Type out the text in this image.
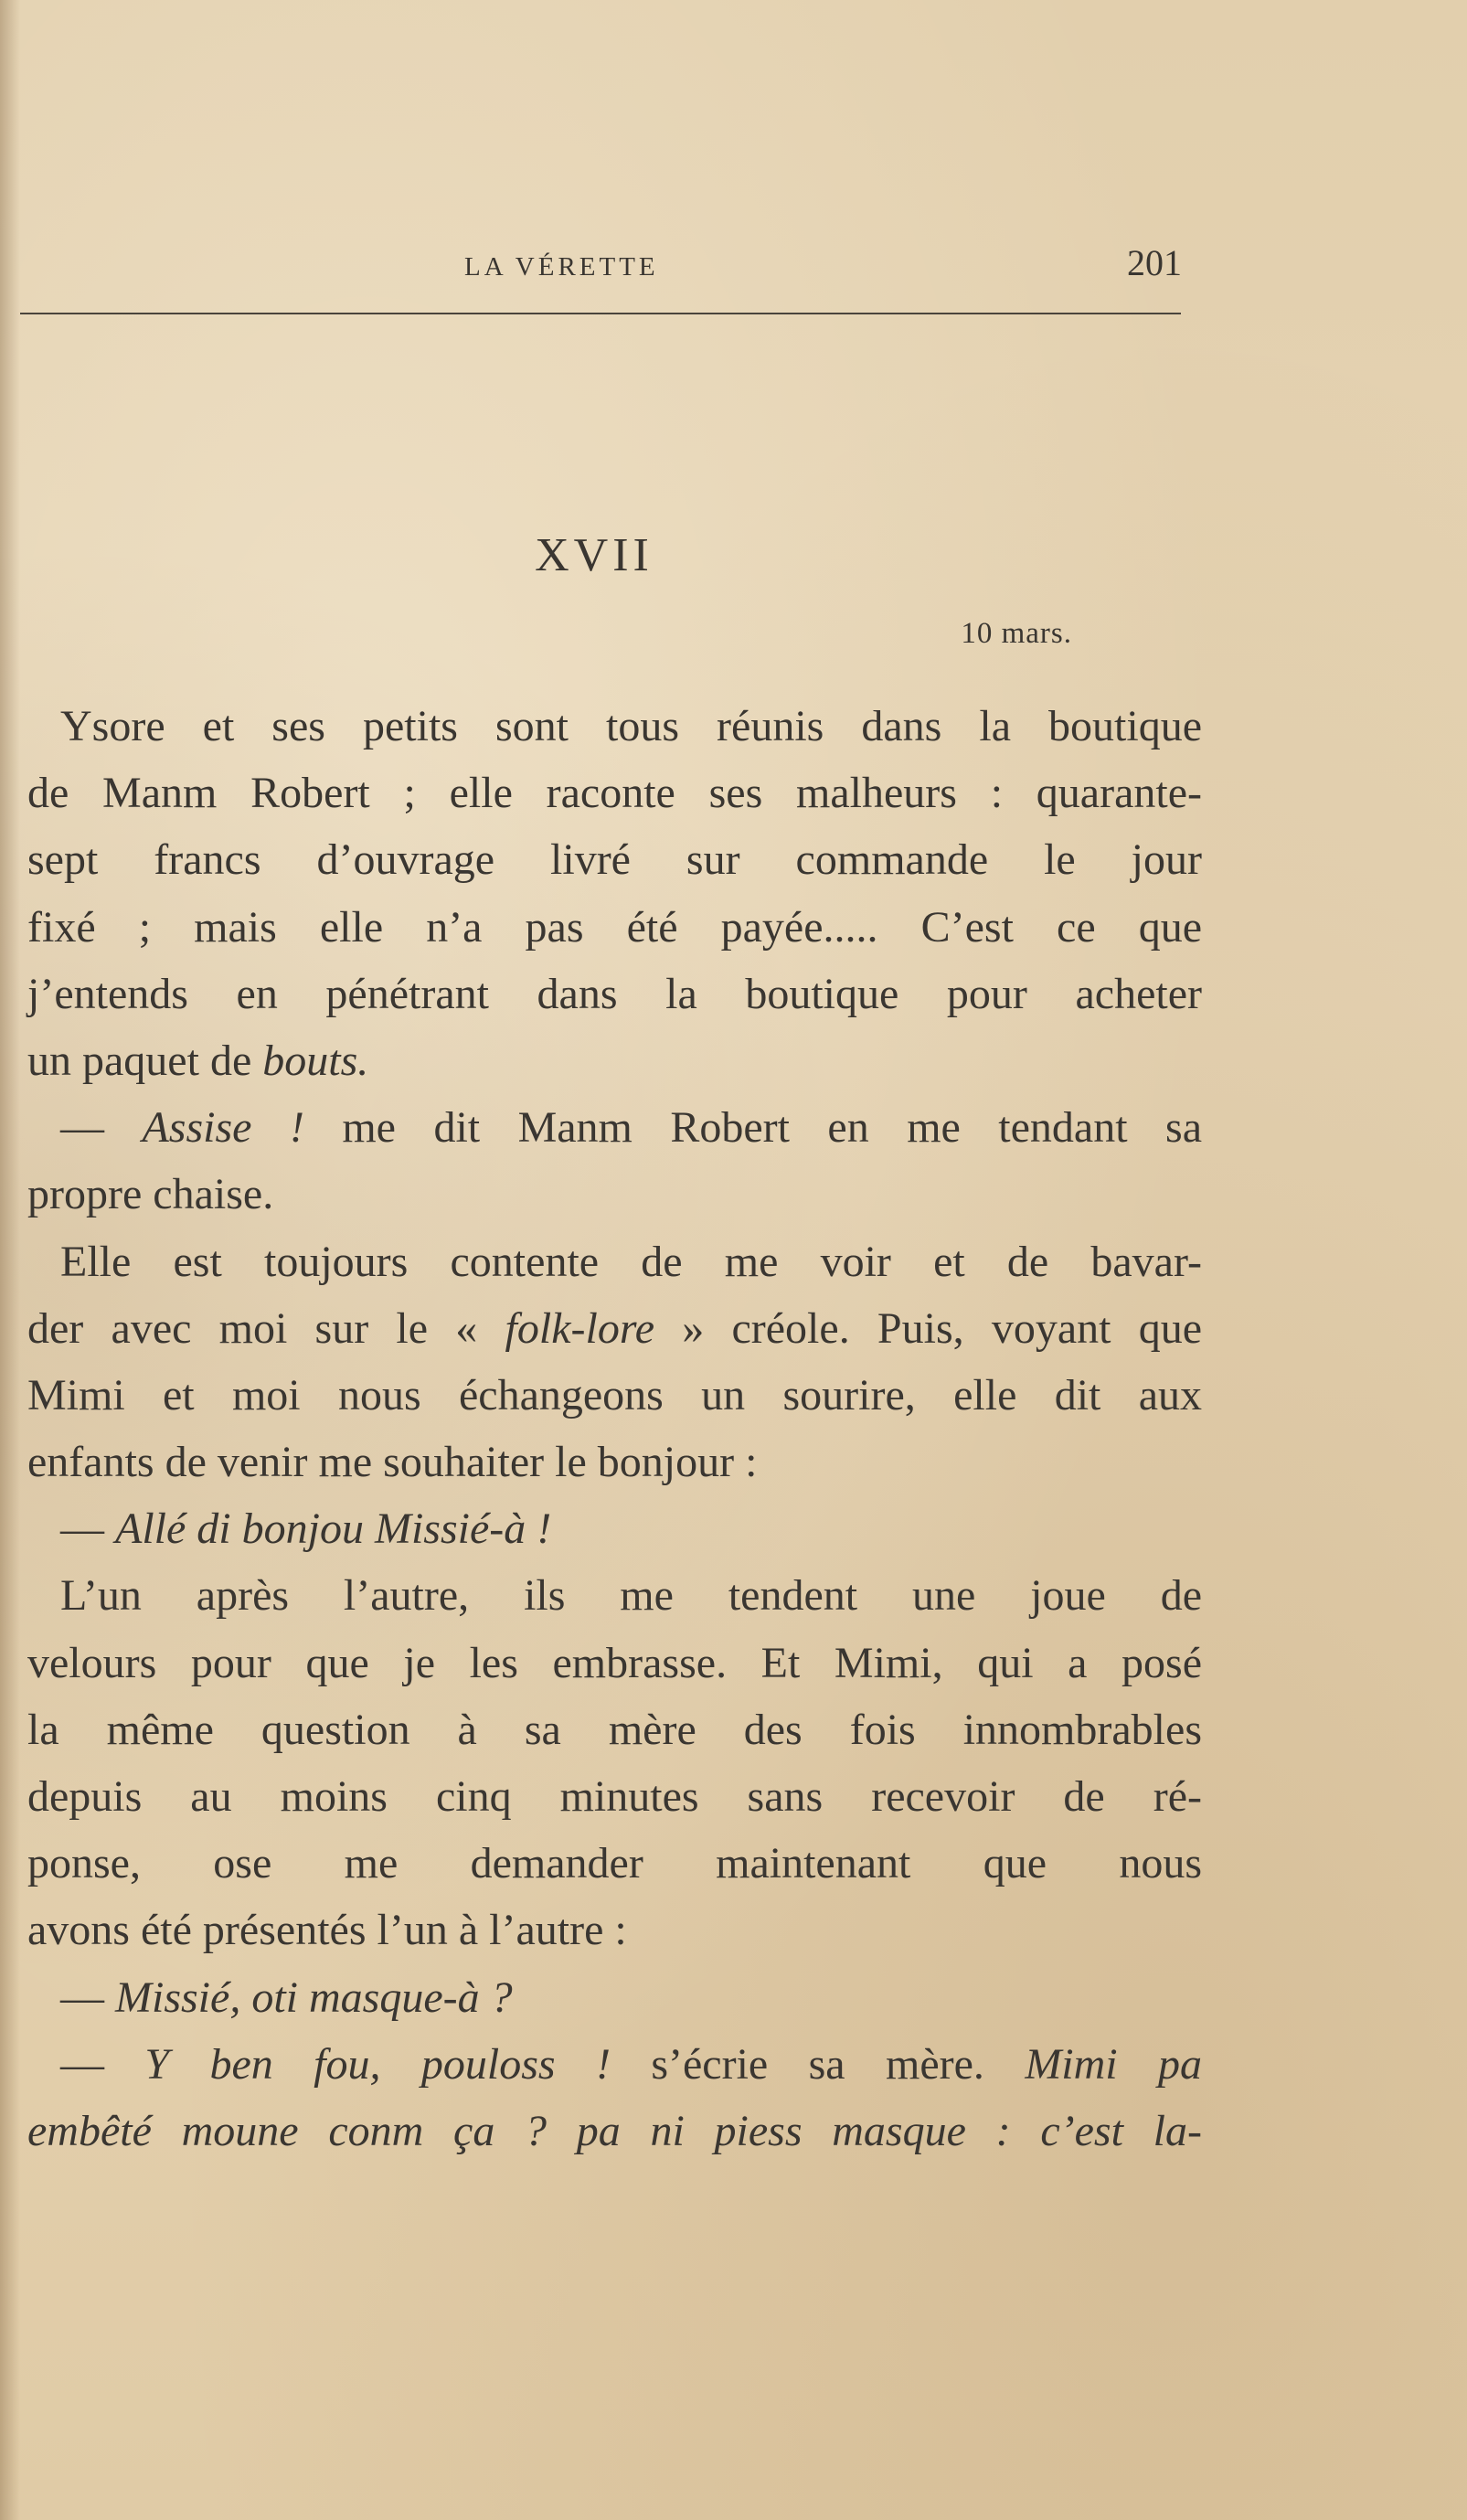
LA VÉRETTE	201
XVII
10 mars.
Ysore et ses petits sont tous réunis dans la boutique
de Manm Robert ; elle raconte ses malheurs : quarante-
sept francs d’ouvrage livré sur commande le jour
fixé ; mais elle n’a pas été payée..... C’est ce que
j’entends en pénétrant dans la boutique pour acheter
un paquet de bouts.
— Assise ! me dit Manm Robert en me tendant sa
propre chaise.
Elle est toujours contente de me voir et de bavar-
der avec moi sur le « folk-lore » créole. Puis, voyant que
Mimi et moi nous échangeons un sourire, elle dit aux
enfants de venir me souhaiter le bonjour :
— Allé di bonjou Missié-à !
L’un après l’autre, ils me tendent une joue de
velours pour que je les embrasse. Et Mimi, qui a posé
la même question à sa mère des fois innombrables
depuis au moins cinq minutes sans recevoir de ré-
ponse, ose me demander maintenant que nous
avons été présentés l’un à l’autre :
— Missié, oti masque-à ?
— Y ben fou, pouloss ! s’écrie sa mère. Mimi pa
embêté moune conm ça ? pa ni piess masque : c’est la-
